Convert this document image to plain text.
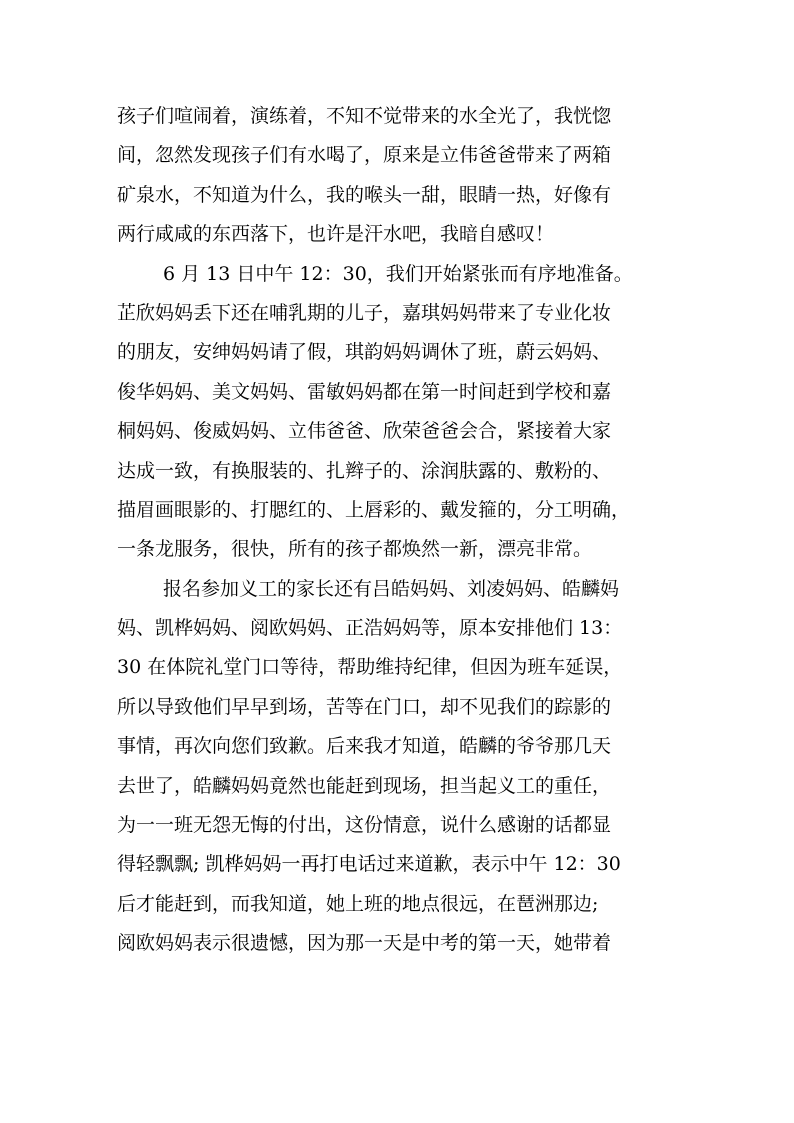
孩子们喧闹着，演练着，不知不觉带来的水全光了，我恍惚
间，忽然发现孩子们有水喝了，原来是立伟爸爸带来了两箱
矿泉水，不知道为什么，我的喉头一甜，眼睛一热，好像有
两行咸咸的东西落下，也许是汗水吧，我暗自感叹！
6 月 13 日中午 12：30，我们开始紧张而有序地准备。
芷欣妈妈丢下还在哺乳期的儿子，嘉琪妈妈带来了专业化妆
的朋友，安绅妈妈请了假，琪韵妈妈调休了班，蔚云妈妈、
俊华妈妈、美文妈妈、雷敏妈妈都在第一时间赶到学校和嘉
桐妈妈、俊威妈妈、立伟爸爸、欣荣爸爸会合，紧接着大家
达成一致，有换服装的、扎辫子的、涂润肤露的、敷粉的、
描眉画眼影的、打腮红的、上唇彩的、戴发箍的，分工明确，
一条龙服务，很快，所有的孩子都焕然一新，漂亮非常。
报名参加义工的家长还有吕皓妈妈、刘凌妈妈、皓麟妈
妈、凯桦妈妈、阅欧妈妈、正浩妈妈等，原本安排他们 13：
30 在体院礼堂门口等待，帮助维持纪律，但因为班车延误，
所以导致他们早早到场，苦等在门口，却不见我们的踪影的
事情，再次向您们致歉。后来我才知道，皓麟的爷爷那几天
去世了，皓麟妈妈竟然也能赶到现场，担当起义工的重任，
为一一班无怨无悔的付出，这份情意，说什么感谢的话都显
得轻飘飘; 凯桦妈妈一再打电话过来道歉，表示中午 12：30
后才能赶到，而我知道，她上班的地点很远，在琶洲那边;
阅欧妈妈表示很遗憾，因为那一天是中考的第一天，她带着
